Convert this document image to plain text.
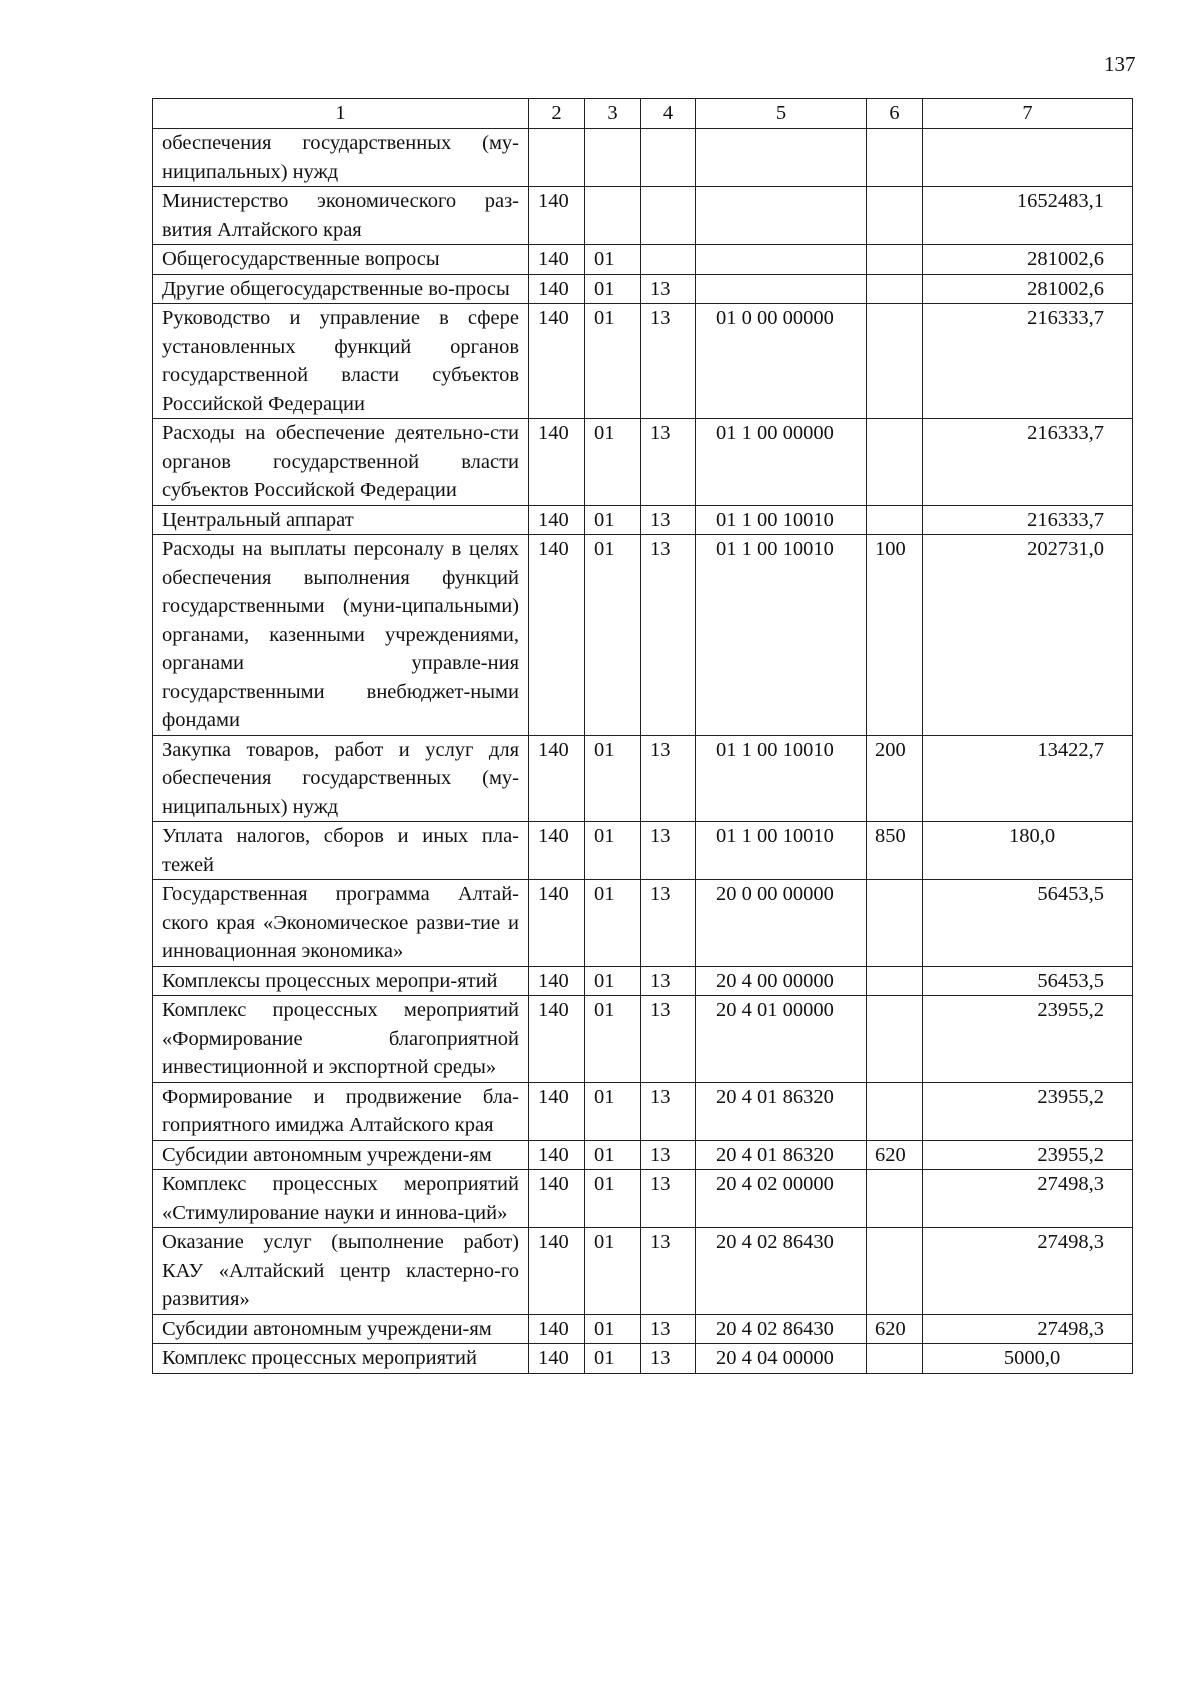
137
1	2	3	4	5	6	7
обеспечения государственных (му-ниципальных) нужд						
Министерство экономического раз-вития Алтайского края	140					1652483,1
Общегосударственные вопросы	140	01				281002,6
Другие общегосударственные во-просы	140	01	13			281002,6
Руководство и управление в сфере установленных функций органов государственной власти субъектов Российской Федерации	140	01	13	01 0 00 00000		216333,7
Расходы на обеспечение деятельно-сти органов государственной власти субъектов Российской Федерации	140	01	13	01 1 00 00000		216333,7
Центральный аппарат	140	01	13	01 1 00 10010		216333,7
Расходы на выплаты персоналу в целях обеспечения выполнения функций государственными (муни-ципальными) органами, казенными учреждениями, органами управле-ния государственными внебюджет-ными фондами	140	01	13	01 1 00 10010	100	202731,0
Закупка товаров, работ и услуг для обеспечения государственных (му-ниципальных) нужд	140	01	13	01 1 00 10010	200	13422,7
Уплата налогов, сборов и иных пла-тежей	140	01	13	01 1 00 10010	850	180,0
Государственная программа Алтай-ского края «Экономическое разви-тие и инновационная экономика»	140	01	13	20 0 00 00000		56453,5
Комплексы процессных меропри-ятий	140	01	13	20 4 00 00000		56453,5
Комплекс процессных мероприятий «Формирование благоприятной инвестиционной и экспортной среды»	140	01	13	20 4 01 00000		23955,2
Формирование и продвижение бла-гоприятного имиджа Алтайского края	140	01	13	20 4 01 86320		23955,2
Субсидии автономным учреждени-ям	140	01	13	20 4 01 86320	620	23955,2
Комплекс процессных мероприятий «Стимулирование науки и иннова-ций»	140	01	13	20 4 02 00000		27498,3
Оказание услуг (выполнение работ) КАУ «Алтайский центр кластерно-го развития»	140	01	13	20 4 02 86430		27498,3
Субсидии автономным учреждени-ям	140	01	13	20 4 02 86430	620	27498,3
Комплекс процессных мероприятий	140	01	13	20 4 04 00000		5000,0
